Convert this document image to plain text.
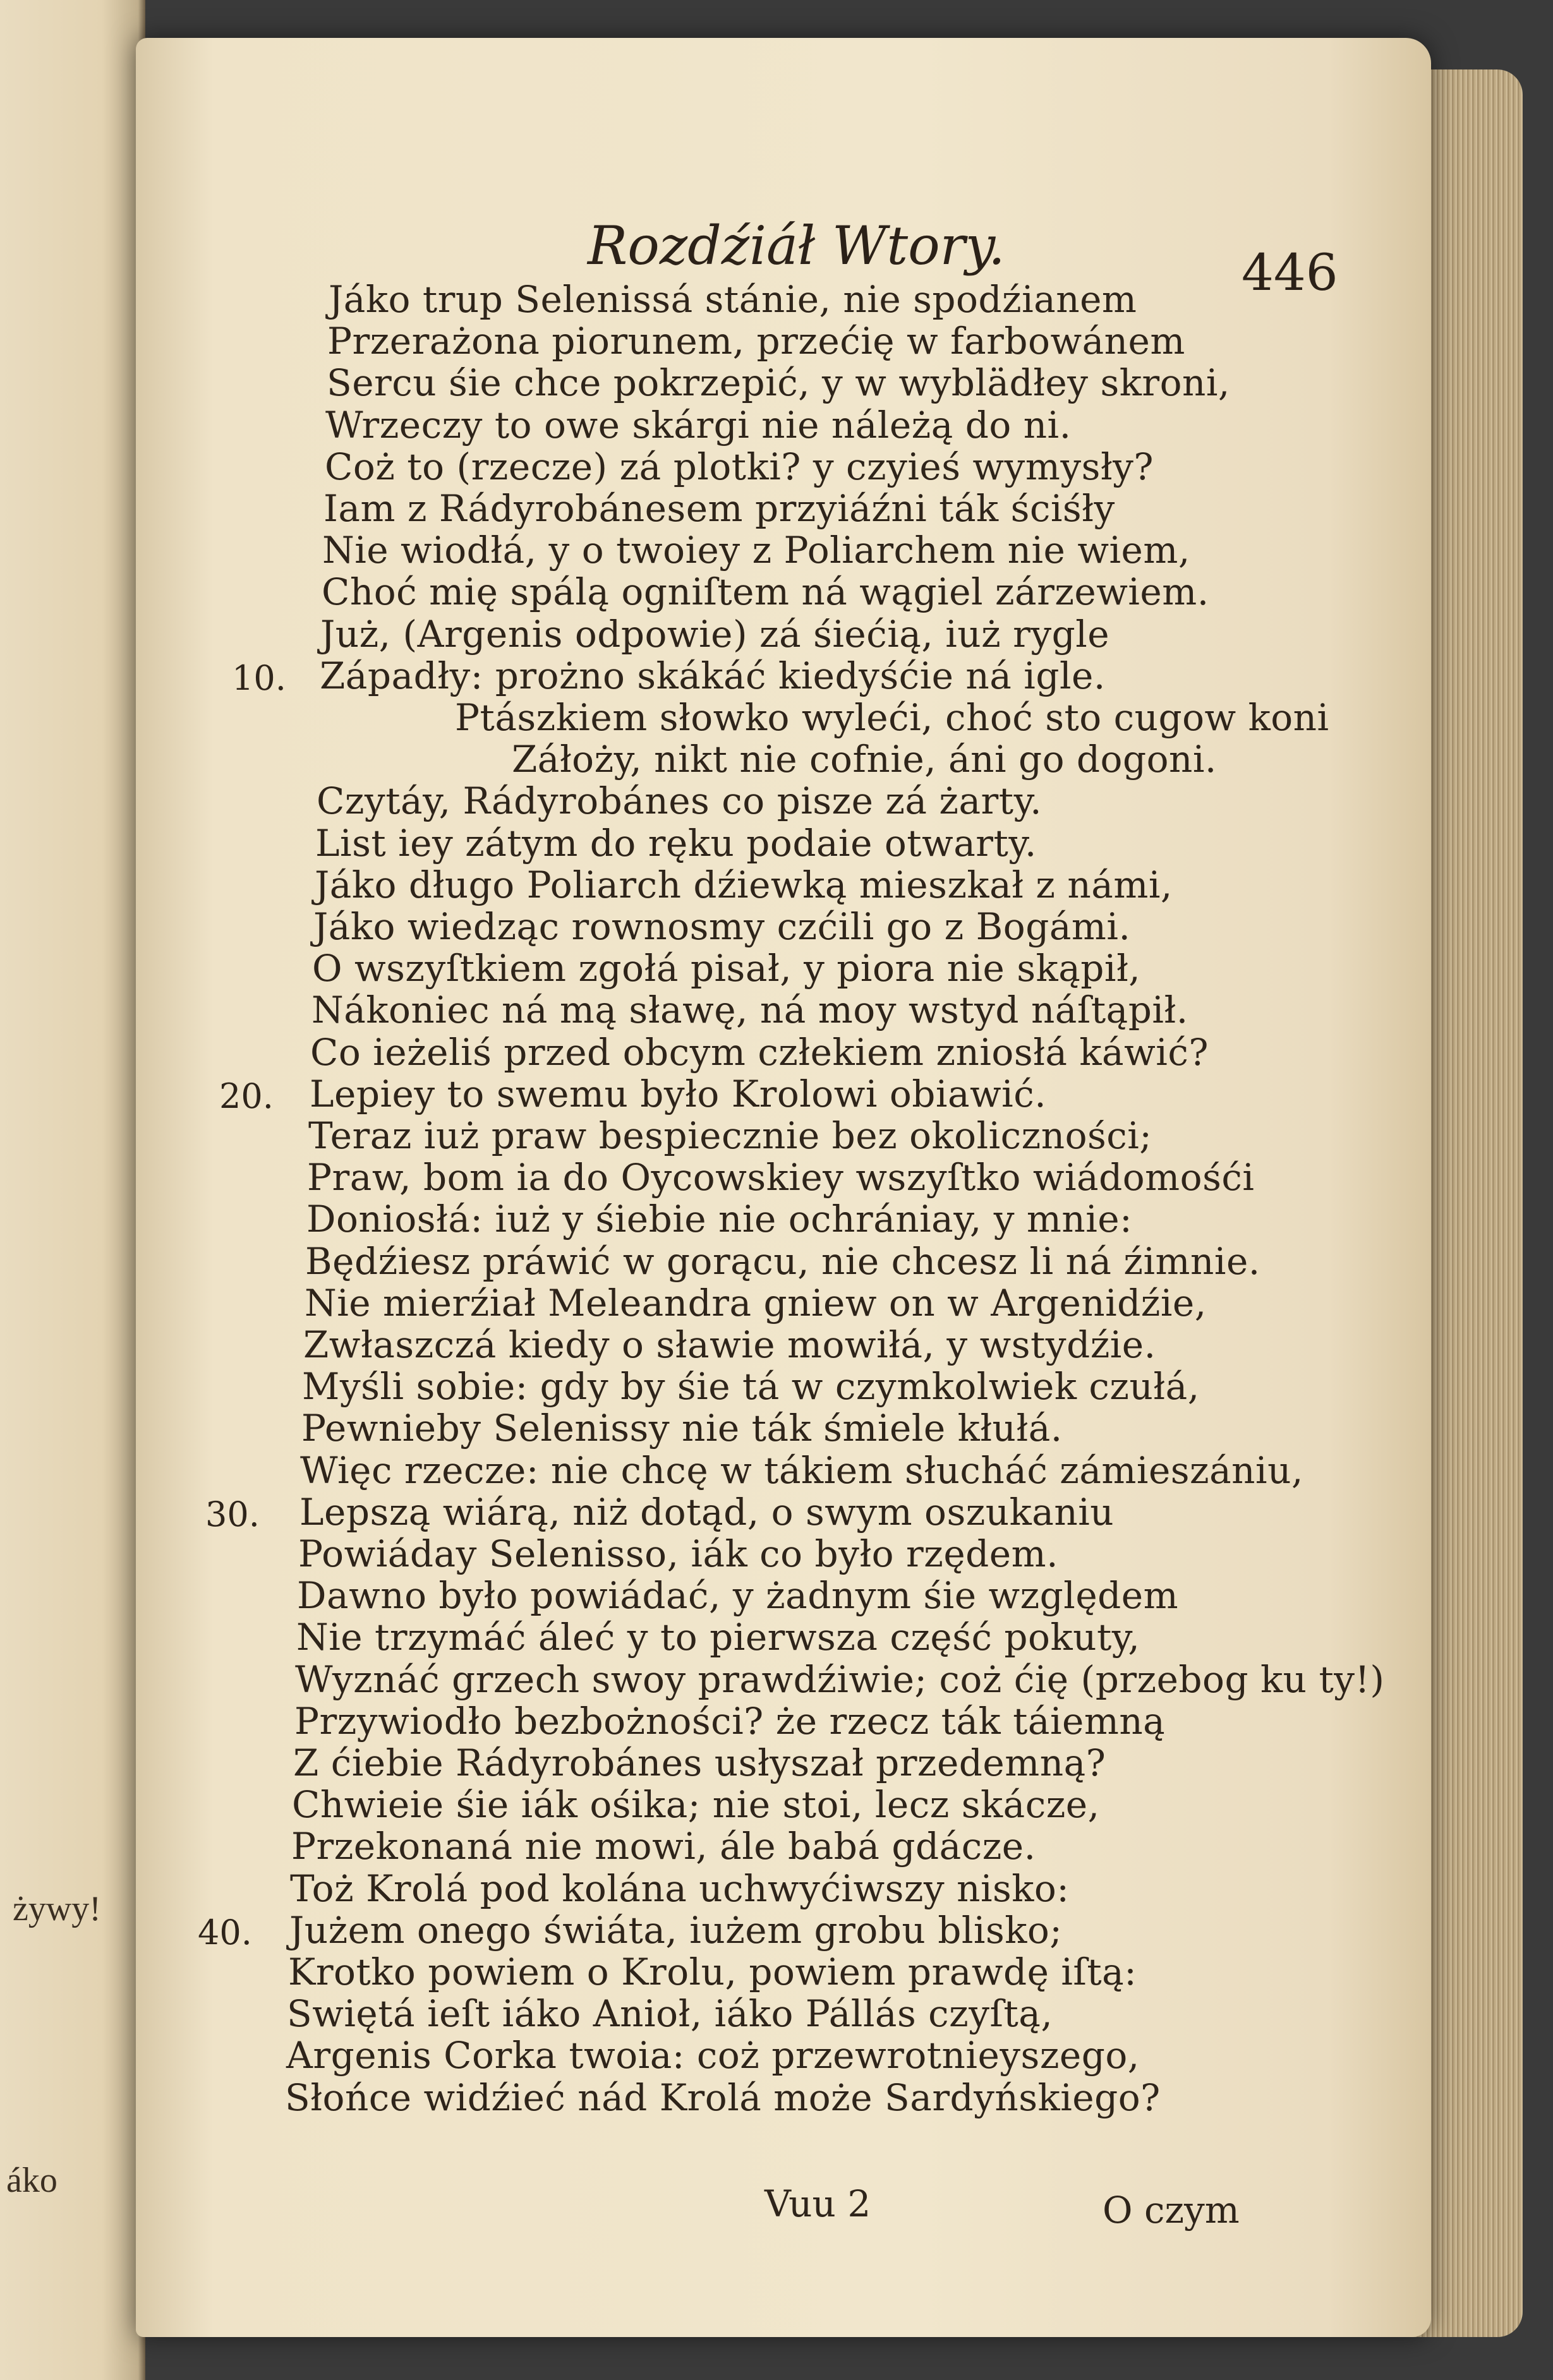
żywy!
áko
Rozdźiáł Wtory.	446
Jáko trup Selenissá stánie, nie spodźianem
Przerażona piorunem, przećię w farbowánem
Sercu śie chce pokrzepić, y w wyblädłey skroni,
Wrzeczy to owe skárgi nie náleżą do ni.
Coż to (rzecze) zá plotki? y czyieś wymysły?
Iam z Rádyrobánesem przyiáźni ták ściśły
Nie wiodłá, y o twoiey z Poliarchem nie wiem,
Choć mię spálą ogniſtem ná wągiel zárzewiem.
Już, (Argenis odpowie) zá śiećią, iuż rygle
Západły: prożno skákáć kiedyśćie ná igle.
Ptászkiem słowko wyleći, choć sto cugow koni
Záłoży, nikt nie cofnie, áni go dogoni.
Czytáy, Rádyrobánes co pisze zá żarty.
List iey zátym do ręku podaie otwarty.
Jáko długo Poliarch dźiewką mieszkał z námi,
Jáko wiedząc rownosmy czćili go z Bogámi.
O wszyſtkiem zgołá pisał, y piora nie skąpił,
Nákoniec ná mą sławę, ná moy wstyd náſtąpił.
Co ieżeliś przed obcym człekiem zniosłá káwić?
Lepiey to swemu było Krolowi obiawić.
Teraz iuż praw bespiecznie bez okoliczności;
Praw, bom ia do Oycowskiey wszyſtko wiádomośći
Doniosłá: iuż y śiebie nie ochrániay, y mnie:
Będźiesz práwić w gorącu, nie chcesz li ná źimnie.
Nie mierźiał Meleandra gniew on w Argenidźie,
Zwłaszczá kiedy o sławie mowiłá, y wstydźie.
Myśli sobie: gdy by śie tá w czymkolwiek czułá,
Pewnieby Selenissy nie ták śmiele kłułá.
Więc rzecze: nie chcę w tákiem słucháć zámieszániu,
Lepszą wiárą, niż dotąd, o swym oszukaniu
Powiáday Selenisso, iák co było rzędem.
Dawno było powiádać, y żadnym śie względem
Nie trzymáć áleć y to pierwsza część pokuty,
Wyznáć grzech swoy prawdźiwie; coż ćię (przebog ku ty!)
Przywiodło bezbożności? że rzecz ták táiemną
Z ćiebie Rádyrobánes usłyszał przedemną?
Chwieie śie iák ośika; nie stoi, lecz skácze,
Przekonaná nie mowi, ále babá gdácze.
Toż Krolá pod kolána uchwyćiwszy nisko:
Jużem onego świáta, iużem grobu blisko;
Krotko powiem o Krolu, powiem prawdę iſtą:
Swiętá ieſt iáko Anioł, iáko Pállás czyſtą,
Argenis Corka twoia: coż przewrotnieyszego,
Słońce widźieć nád Krolá może Sardyńskiego?
10.
20.
30.
40.
Vuu 2	O czym
